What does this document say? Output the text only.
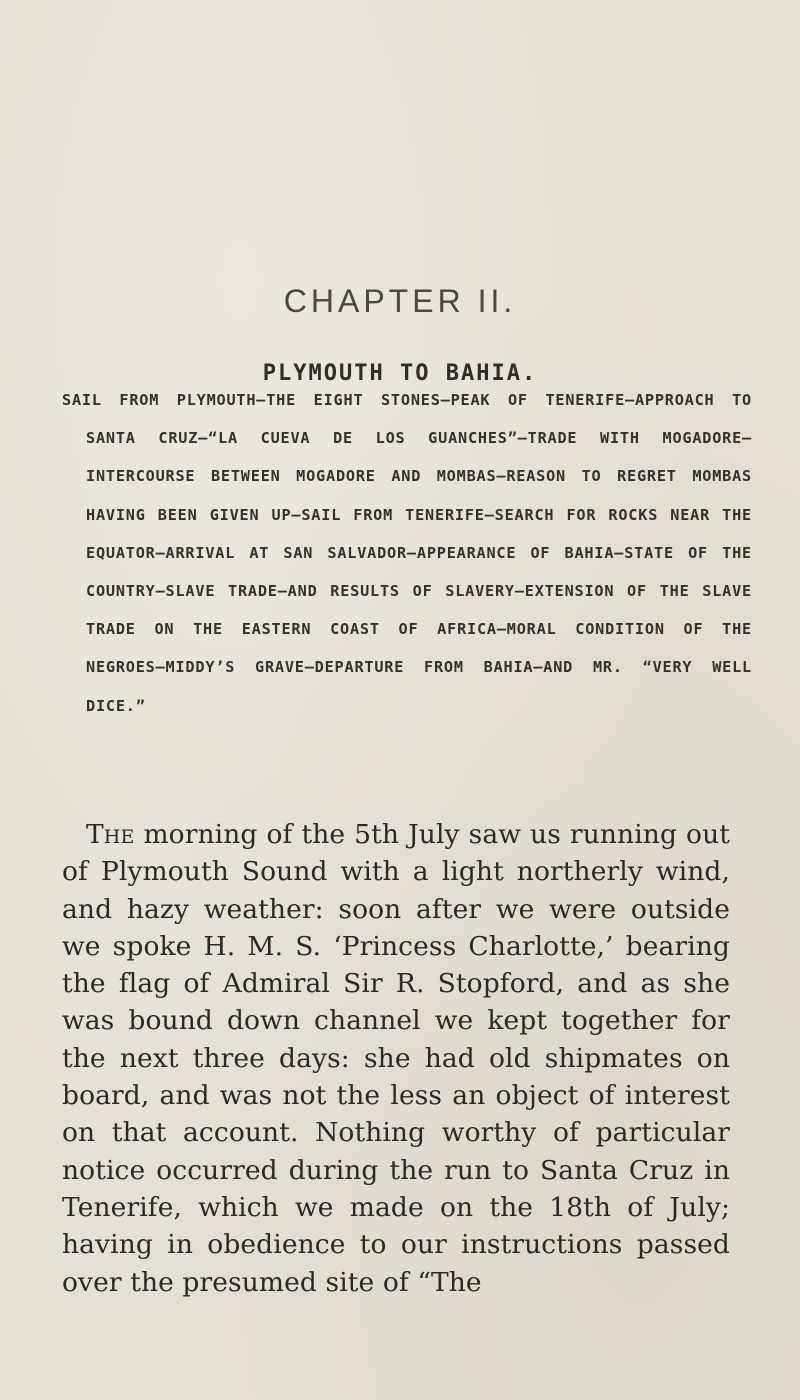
CHAPTER II.
PLYMOUTH TO BAHIA.

SAIL FROM PLYMOUTH—THE EIGHT STONES—PEAK OF TENERIFE—APPROACH TO SANTA CRUZ—“LA CUEVA DE LOS GUANCHES”—TRADE WITH MOGADORE—INTERCOURSE BETWEEN MOGADORE AND MOMBAS—REASON TO REGRET MOMBAS HAVING BEEN GIVEN UP—SAIL FROM TENERIFE—SEARCH FOR ROCKS NEAR THE EQUATOR—ARRIVAL AT SAN SALVADOR—APPEARANCE OF BAHIA—STATE OF THE COUNTRY—SLAVE TRADE—AND RESULTS OF SLAVERY—EXTENSION OF THE SLAVE TRADE ON THE EASTERN COAST OF AFRICA—MORAL CONDITION OF THE NEGROES—MIDDY’S GRAVE—DEPARTURE FROM BAHIA—AND MR. “VERY WELL DICE.”

The morning of the 5th July saw us running out of Plymouth Sound with a light northerly wind, and hazy weather: soon after we were outside we spoke H. M. S. ‘Princess Charlotte,’ bearing the flag of Admiral Sir R. Stopford, and as she was bound down channel we kept together for the next three days: she had old shipmates on board, and was not the less an object of interest on that account. Nothing worthy of particular notice occurred during the run to Santa Cruz in Tenerife, which we made on the 18th of July; having in obedience to our instructions passed over the presumed site of “The
